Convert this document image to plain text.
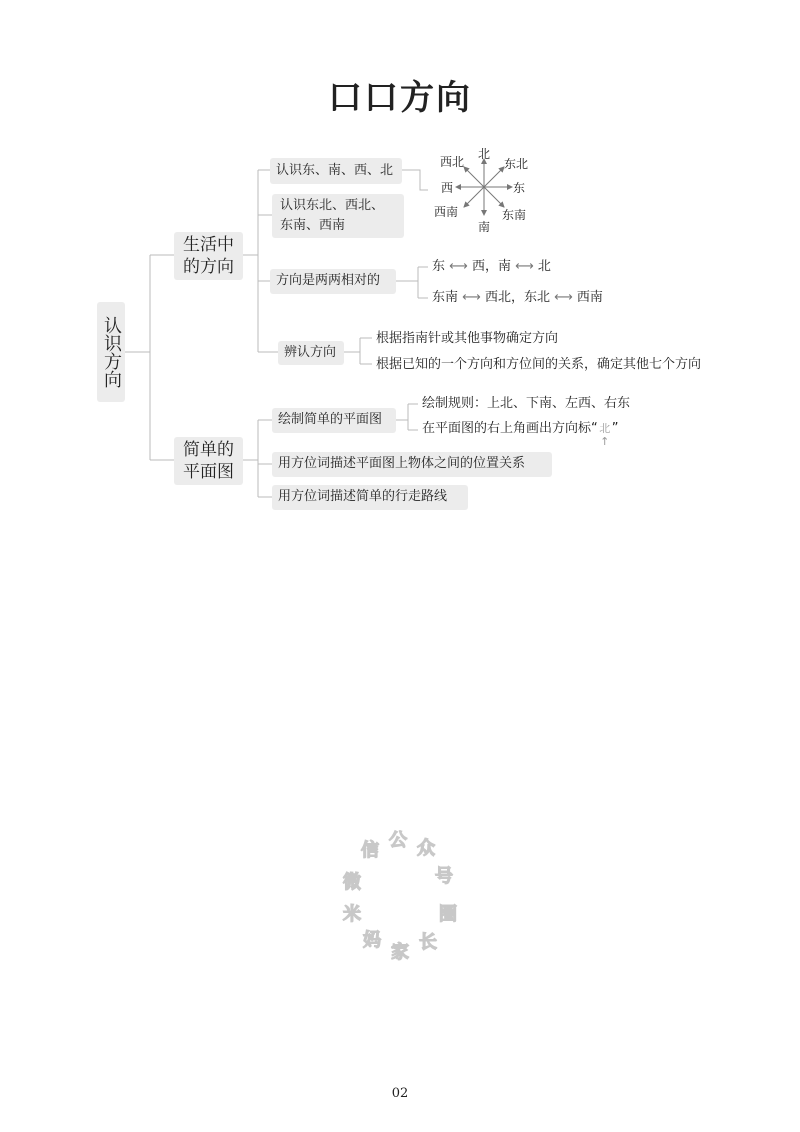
口口方向
认识方向
生活中的方向
简单的平面图
认识东、南、西、北
认识东北、西北、东南、西南
方向是两两相对的
辨认方向
东 ⟷ 西，南 ⟷ 北
东南 ⟷ 西北，东北 ⟷ 西南
根据指南针或其他事物确定方向
根据已知的一个方向和方位间的关系，确定其他七个方向
绘制简单的平面图
用方位词描述平面图上物体之间的位置关系
用方位词描述简单的行走路线
绘制规则：上北、下南、左西、右东
在平面图的右上角画出方向标“ 北
↑
”
北
南
东
西
东北
西北
东南
西南
微
信 公 众
号
米
妈
家 长
圈
02
